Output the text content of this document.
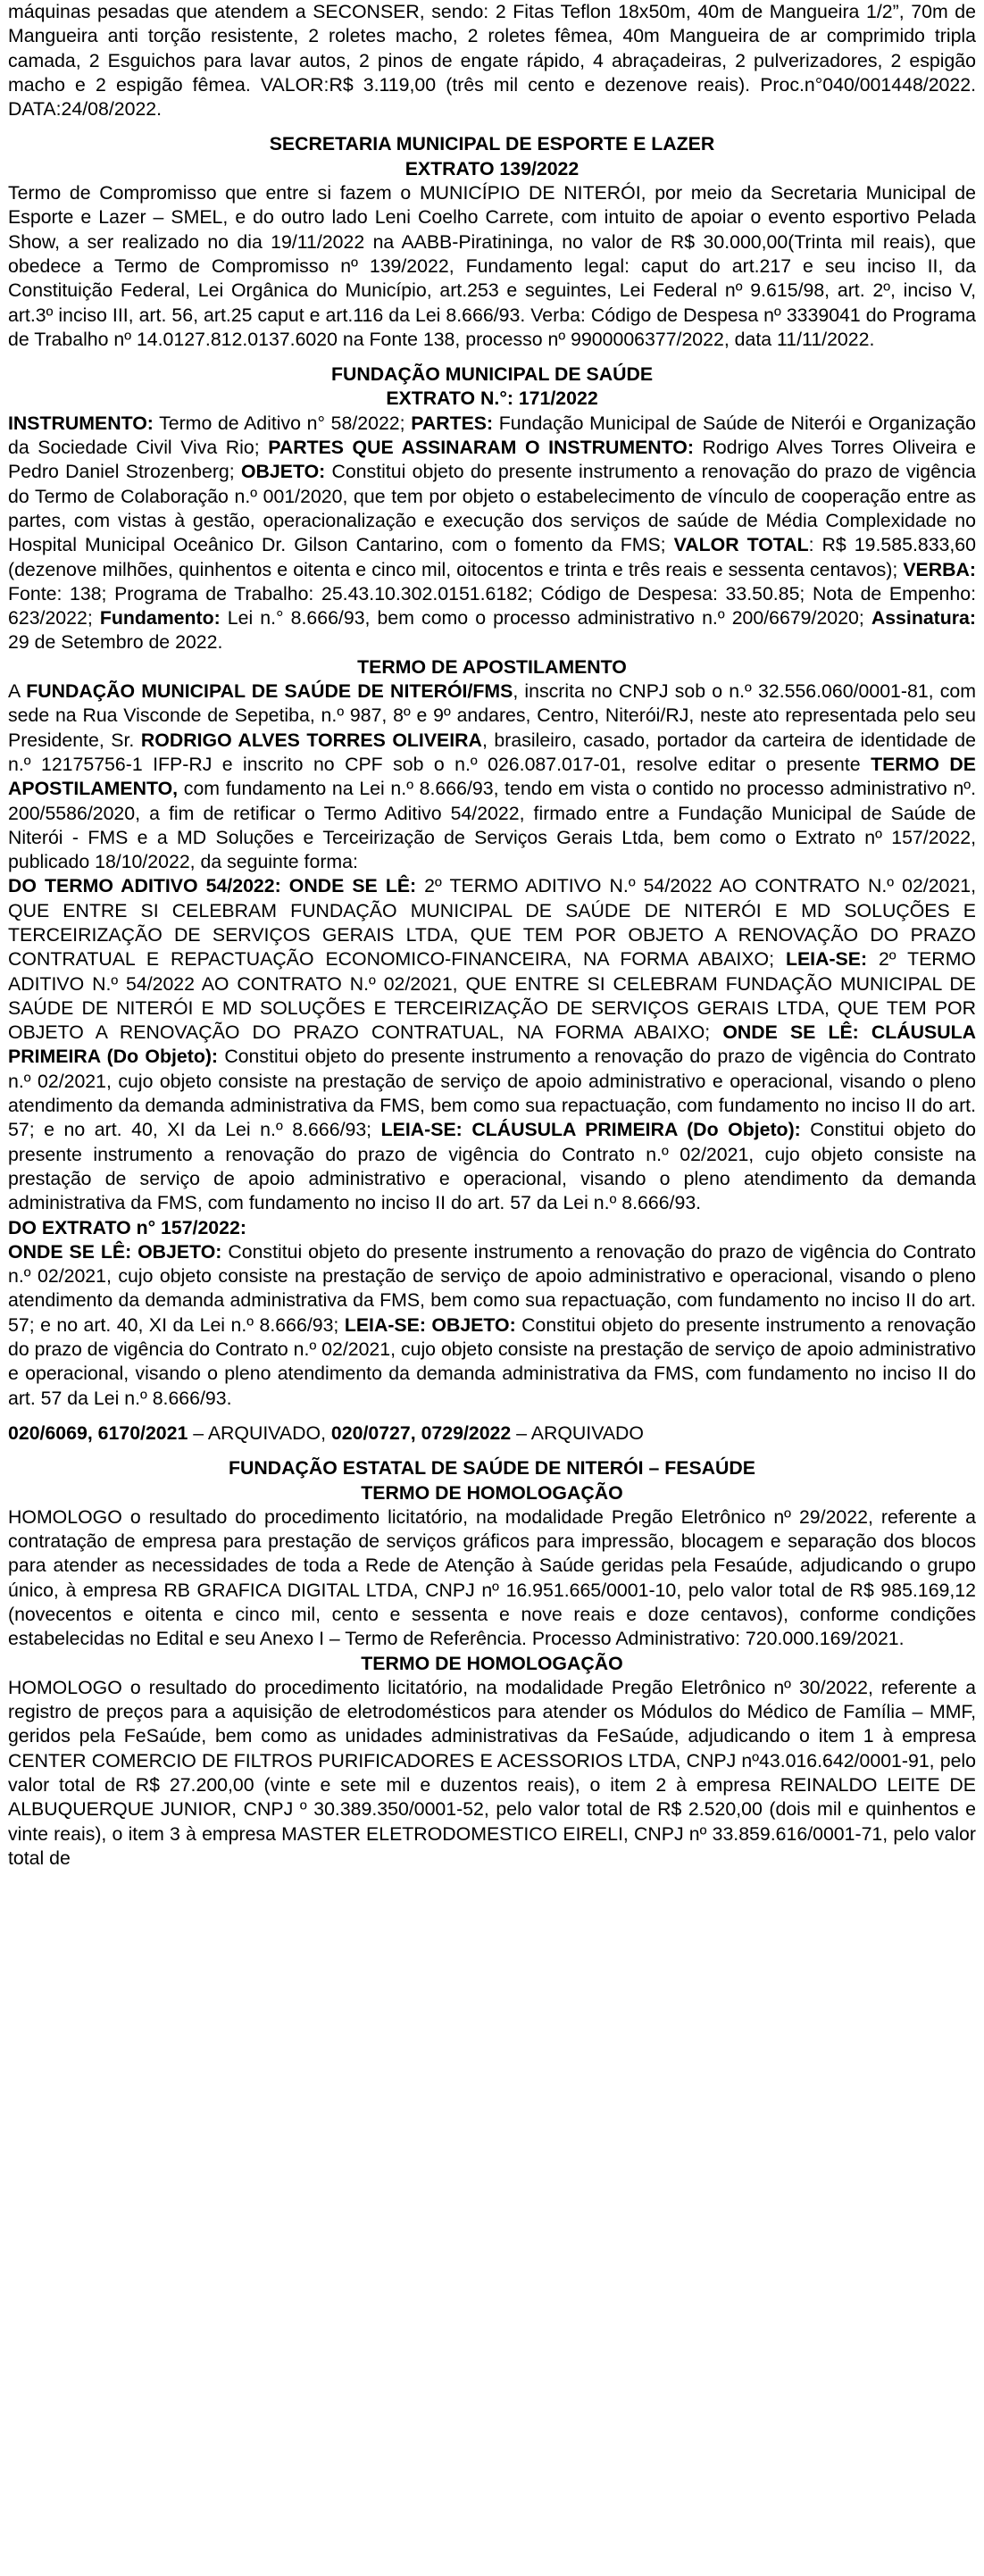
máquinas pesadas que atendem a SECONSER, sendo: 2 Fitas Teflon 18x50m, 40m de Mangueira 1/2”, 70m de Mangueira anti torção resistente, 2 roletes macho, 2 roletes fêmea, 40m Mangueira de ar comprimido tripla camada, 2 Esguichos para lavar autos, 2 pinos de engate rápido, 4 abraçadeiras, 2 pulverizadores, 2 espigão macho e 2 espigão fêmea. VALOR:R$ 3.119,00 (três mil cento e dezenove reais). Proc.n°040/001448/2022. DATA:24/08/2022.

SECRETARIA MUNICIPAL DE ESPORTE E LAZER

EXTRATO 139/2022

Termo de Compromisso que entre si fazem o MUNICÍPIO DE NITERÓI, por meio da Secretaria Municipal de Esporte e Lazer – SMEL, e do outro lado Leni Coelho Carrete, com intuito de apoiar o evento esportivo Pelada Show, a ser realizado no dia 19/11/2022 na AABB-Piratininga, no valor de R$ 30.000,00(Trinta mil reais), que obedece a Termo de Compromisso nº 139/2022, Fundamento legal: caput do art.217 e seu inciso II, da Constituição Federal, Lei Orgânica do Município, art.253 e seguintes, Lei Federal nº 9.615/98, art. 2º, inciso V, art.3º inciso III, art. 56, art.25 caput e art.116 da Lei 8.666/93. Verba: Código de Despesa nº 3339041 do Programa de Trabalho nº 14.0127.812.0137.6020 na Fonte 138, processo nº 9900006377/2022, data 11/11/2022.

FUNDAÇÃO MUNICIPAL DE SAÚDE

EXTRATO N.°: 171/2022

INSTRUMENTO: Termo de Aditivo n° 58/2022; PARTES: Fundação Municipal de Saúde de Niterói e Organização da Sociedade Civil Viva Rio; PARTES QUE ASSINARAM O INSTRUMENTO: Rodrigo Alves Torres Oliveira e Pedro Daniel Strozenberg; OBJETO: Constitui objeto do presente instrumento a renovação do prazo de vigência do Termo de Colaboração n.º 001/2020, que tem por objeto o estabelecimento de vínculo de cooperação entre as partes, com vistas à gestão, operacionalização e execução dos serviços de saúde de Média Complexidade no Hospital Municipal Oceânico Dr. Gilson Cantarino, com o fomento da FMS; VALOR TOTAL: R$ 19.585.833,60 (dezenove milhões, quinhentos e oitenta e cinco mil, oitocentos e trinta e três reais e sessenta centavos); VERBA: Fonte: 138; Programa de Trabalho: 25.43.10.302.0151.6182; Código de Despesa: 33.50.85; Nota de Empenho: 623/2022; Fundamento: Lei n.° 8.666/93, bem como o processo administrativo n.º 200/6679/2020; Assinatura: 29 de Setembro de 2022.

TERMO DE APOSTILAMENTO

A FUNDAÇÃO MUNICIPAL DE SAÚDE DE NITERÓI/FMS, inscrita no CNPJ sob o n.º 32.556.060/0001-81, com sede na Rua Visconde de Sepetiba, n.º 987, 8º e 9º andares, Centro, Niterói/RJ, neste ato representada pelo seu Presidente, Sr. RODRIGO ALVES TORRES OLIVEIRA, brasileiro, casado, portador da carteira de identidade de n.º 12175756-1 IFP-RJ e inscrito no CPF sob o n.º 026.087.017-01, resolve editar o presente TERMO DE APOSTILAMENTO, com fundamento na Lei n.º 8.666/93, tendo em vista o contido no processo administrativo nº. 200/5586/2020, a fim de retificar o Termo Aditivo 54/2022, firmado entre a Fundação Municipal de Saúde de Niterói - FMS e a MD Soluções e Terceirização de Serviços Gerais Ltda, bem como o Extrato nº 157/2022, publicado 18/10/2022, da seguinte forma:

DO TERMO ADITIVO 54/2022: ONDE SE LÊ: 2º TERMO ADITIVO N.º 54/2022 AO CONTRATO N.º 02/2021, QUE ENTRE SI CELEBRAM FUNDAÇÃO MUNICIPAL DE SAÚDE DE NITERÓI E MD SOLUÇÕES E TERCEIRIZAÇÃO DE SERVIÇOS GERAIS LTDA, QUE TEM POR OBJETO A RENOVAÇÃO DO PRAZO CONTRATUAL E REPACTUAÇÃO ECONOMICO-FINANCEIRA, NA FORMA ABAIXO; LEIA-SE: 2º TERMO ADITIVO N.º 54/2022 AO CONTRATO N.º 02/2021, QUE ENTRE SI CELEBRAM FUNDAÇÃO MUNICIPAL DE SAÚDE DE NITERÓI E MD SOLUÇÕES E TERCEIRIZAÇÃO DE SERVIÇOS GERAIS LTDA, QUE TEM POR OBJETO A RENOVAÇÃO DO PRAZO CONTRATUAL, NA FORMA ABAIXO; ONDE SE LÊ: CLÁUSULA PRIMEIRA (Do Objeto): Constitui objeto do presente instrumento a renovação do prazo de vigência do Contrato n.º 02/2021, cujo objeto consiste na prestação de serviço de apoio administrativo e operacional, visando o pleno atendimento da demanda administrativa da FMS, bem como sua repactuação, com fundamento no inciso II do art. 57; e no art. 40, XI da Lei n.º 8.666/93; LEIA-SE: CLÁUSULA PRIMEIRA (Do Objeto): Constitui objeto do presente instrumento a renovação do prazo de vigência do Contrato n.º 02/2021, cujo objeto consiste na prestação de serviço de apoio administrativo e operacional, visando o pleno atendimento da demanda administrativa da FMS, com fundamento no inciso II do art. 57 da Lei n.º 8.666/93.

DO EXTRATO n° 157/2022:

ONDE SE LÊ: OBJETO: Constitui objeto do presente instrumento a renovação do prazo de vigência do Contrato n.º 02/2021, cujo objeto consiste na prestação de serviço de apoio administrativo e operacional, visando o pleno atendimento da demanda administrativa da FMS, bem como sua repactuação, com fundamento no inciso II do art. 57; e no art. 40, XI da Lei n.º 8.666/93; LEIA-SE: OBJETO: Constitui objeto do presente instrumento a renovação do prazo de vigência do Contrato n.º 02/2021, cujo objeto consiste na prestação de serviço de apoio administrativo e operacional, visando o pleno atendimento da demanda administrativa da FMS, com fundamento no inciso II do art. 57 da Lei n.º 8.666/93.

020/6069, 6170/2021 – ARQUIVADO, 020/0727, 0729/2022 – ARQUIVADO

FUNDAÇÃO ESTATAL DE SAÚDE DE NITERÓI – FESAÚDE

TERMO DE HOMOLOGAÇÃO

HOMOLOGO o resultado do procedimento licitatório, na modalidade Pregão Eletrônico nº 29/2022, referente a contratação de empresa para prestação de serviços gráficos para impressão, blocagem e separação dos blocos para atender as necessidades de toda a Rede de Atenção à Saúde geridas pela Fesaúde, adjudicando o grupo único, à empresa RB GRAFICA DIGITAL LTDA, CNPJ nº 16.951.665/0001-10, pelo valor total de R$ 985.169,12 (novecentos e oitenta e cinco mil, cento e sessenta e nove reais e doze centavos), conforme condições estabelecidas no Edital e seu Anexo I – Termo de Referência. Processo Administrativo: 720.000.169/2021.

TERMO DE HOMOLOGAÇÃO

HOMOLOGO o resultado do procedimento licitatório, na modalidade Pregão Eletrônico nº 30/2022, referente a registro de preços para a aquisição de eletrodomésticos para atender os Módulos do Médico de Família – MMF, geridos pela FeSaúde, bem como as unidades administrativas da FeSaúde, adjudicando o item 1 à empresa CENTER COMERCIO DE FILTROS PURIFICADORES E ACESSORIOS LTDA, CNPJ nº43.016.642/0001-91, pelo valor total de R$ 27.200,00 (vinte e sete mil e duzentos reais), o item 2 à empresa REINALDO LEITE DE ALBUQUERQUE JUNIOR, CNPJ º 30.389.350/0001-52, pelo valor total de R$ 2.520,00 (dois mil e quinhentos e vinte reais), o item 3 à empresa MASTER ELETRODOMESTICO EIRELI, CNPJ nº 33.859.616/0001-71, pelo valor total de
